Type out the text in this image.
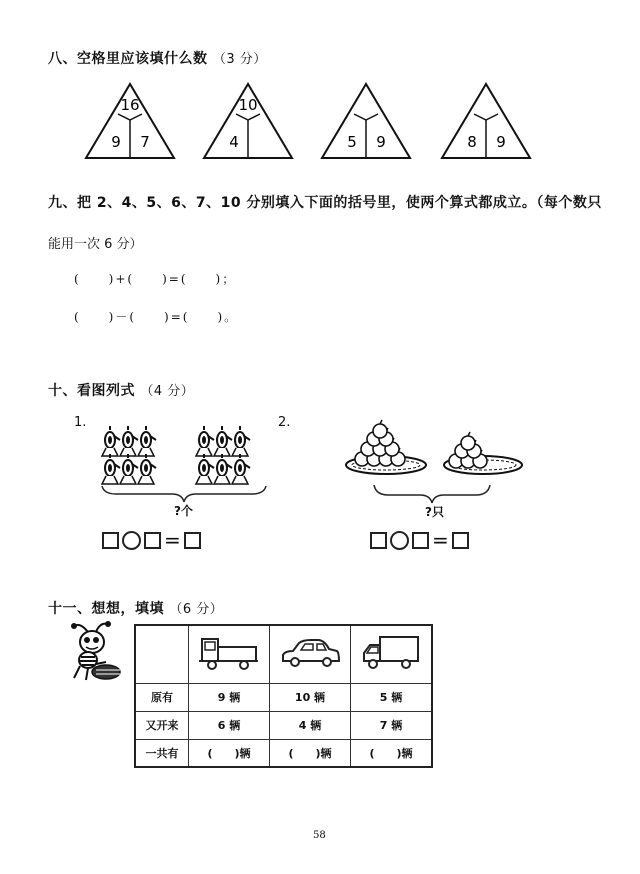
八、空格里应该填什么数 （3 分）
16
9 7
10
4	5 9	8 9
九、把 2、4、5、6、7、10 分别填入下面的括号里，使两个算式都成立。（每个数只
能用一次 6 分）
(　　)+(　　)=(　　)；
(　　)－(　　)=(　　)。
十、看图列式 （4 分）
1.	2.
?个	?只
=	=
十一、想想，填填 （6 分）

原有	9 辆	10 辆	5 辆
又开来	6 辆	4 辆	7 辆
一共有	(　　)辆	(　　)辆	(　　)辆
58
